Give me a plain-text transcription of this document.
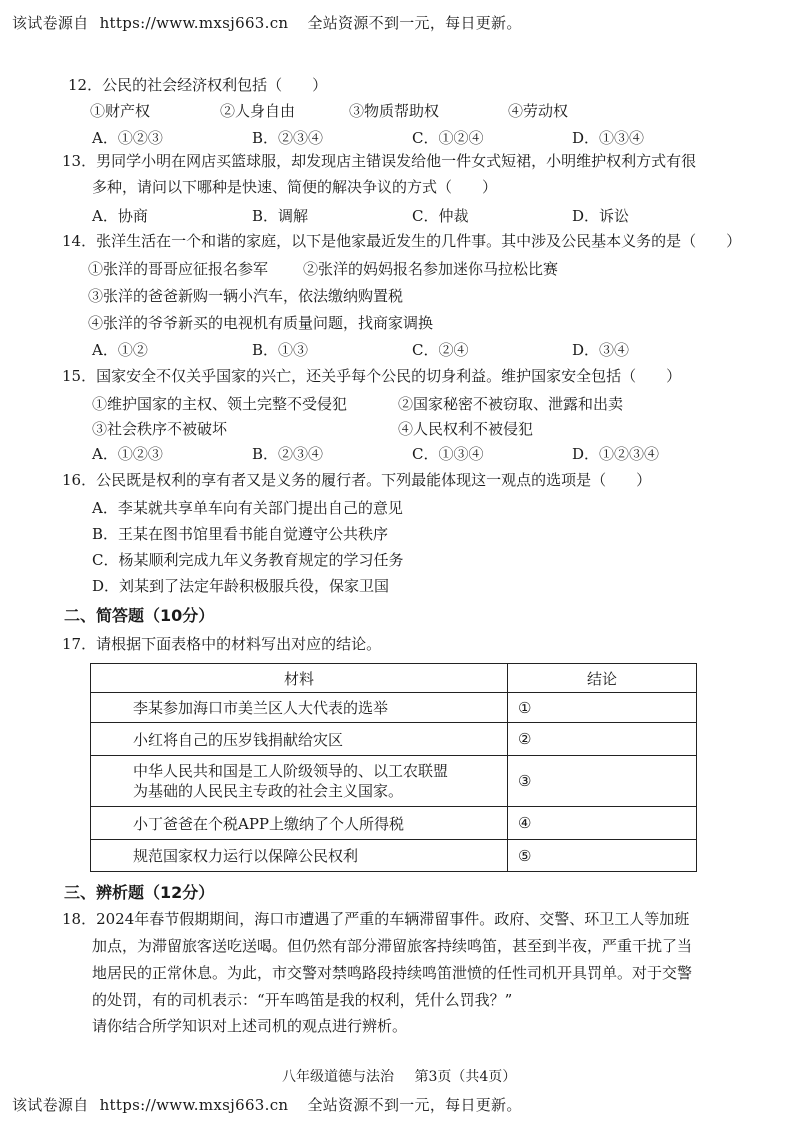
该试卷源自 https://www.mxsj663.cn 全站资源不到一元，每日更新。
12．公民的社会经济权利包括（　　）
①财产权	②人身自由	③物质帮助权	④劳动权
A．①②③	B．②③④	C．①②④	D．①③④
13．男同学小明在网店买篮球服，却发现店主错误发给他一件女式短裙，小明维护权利方式有很
多种，请问以下哪种是快速、简便的解决争议的方式（　　）
A．协商	B．调解	C．仲裁	D．诉讼
14．张洋生活在一个和谐的家庭，以下是他家最近发生的几件事。其中涉及公民基本义务的是（　　）
①张洋的哥哥应征报名参军 ②张洋的妈妈报名参加迷你马拉松比赛
③张洋的爸爸新购一辆小汽车，依法缴纳购置税
④张洋的爷爷新买的电视机有质量问题，找商家调换
A．①②	B．①③	C．②④	D．③④
15．国家安全不仅关乎国家的兴亡，还关乎每个公民的切身利益。维护国家安全包括（　　）
①维护国家的主权、领土完整不受侵犯	②国家秘密不被窃取、泄露和出卖
③社会秩序不被破坏	④人民权利不被侵犯
A．①②③	B．②③④	C．①③④	D．①②③④
16．公民既是权利的享有者又是义务的履行者。下列最能体现这一观点的选项是（　　）
A．李某就共享单车向有关部门提出自己的意见
B．王某在图书馆里看书能自觉遵守公共秩序
C．杨某顺利完成九年义务教育规定的学习任务
D．刘某到了法定年龄积极服兵役，保家卫国
二、简答题（10分）
17．请根据下面表格中的材料写出对应的结论。
材料	结论
李某参加海口市美兰区人大代表的选举	①
小红将自己的压岁钱捐献给灾区	②

中华人民共和国是工人阶级领导的、以工农联盟
为基础的人民民主专政的社会主义国家。	③
小丁爸爸在个税APP上缴纳了个人所得税	④
规范国家权力运行以保障公民权利	⑤
三、辨析题（12分）
18．2024年春节假期期间，海口市遭遇了严重的车辆滞留事件。政府、交警、环卫工人等加班
加点，为滞留旅客送吃送喝。但仍然有部分滞留旅客持续鸣笛，甚至到半夜，严重干扰了当
地居民的正常休息。为此，市交警对禁鸣路段持续鸣笛泄愤的任性司机开具罚单。对于交警
的处罚，有的司机表示：“开车鸣笛是我的权利，凭什么罚我？”
请你结合所学知识对上述司机的观点进行辨析。
八年级道德与法治 第3页（共4页）
该试卷源自 https://www.mxsj663.cn 全站资源不到一元，每日更新。
